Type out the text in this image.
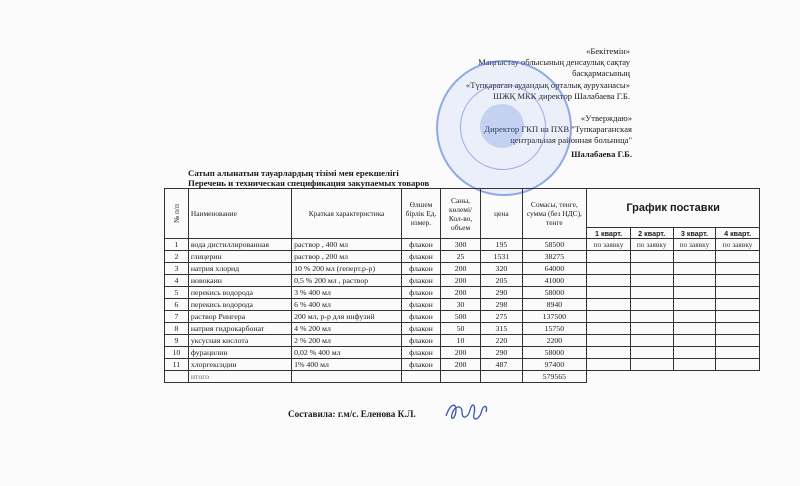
«Бекітемін»
Маңғыстау облысының денсаулық сақтау
басқармасының
«Түпқараған аудандық орталық ауруханасы»
ШЖҚ МКК директор Шалабаева Г.Б.
«Утверждаю»
Директор ГКП на ПХВ "Тупкараганская
центральная районная больница"
Шалабаева Г.Б.
Сатып алынатын тауарлардың тізімі мен ерекшелігі
Перечень и техническая спецификация закупаемых товаров
№ п/п	Наименование	Краткая характеристика	Өлшем бірлік Ед. измер.	Саны, көлемі/ Кол-во, объем	цена	Сомасы, тенге, сумма (без НДС), тенге	График поставки			
							1 кварт.	2 кварт.	3 кварт.	4 кварт.
1	вода дистиллированная	раствор , 400 мл	флакон	300	195	58500	по заявку	по заявку	по заявку	по заявку
2	глицерин	раствор , 200 мл	флакон	25	1531	38275				
3	натрия хлорид	10 % 200 мл (геперт.р-р)	флакон	200	320	64000				
4	новокаин	0,5 % 200 мл , раствор	флакон	200	205	41000				
5	перекись водорода	3 % 400 мл	флакон	200	290	58000				
6	перекись водорода	6 % 400 мл	флакон	30	298	8940				
7	раствор Рингера	200 мл, р-р для инфузий	флакон	500	275	137500				
8	натрия гидрокарбонат	4 % 200 мл	флакон	50	315	15750				
9	уксусная кислота	2 % 200 мл	флакон	10	220	2200				
10	фурацилин	0,02 % 400 мл	флакон	200	290	58000				
11	хлоргексидин	1% 400 мл	флакон	200	487	97400				
	итого					579565				
Составила: г.м/с. Еленова К.Л.
